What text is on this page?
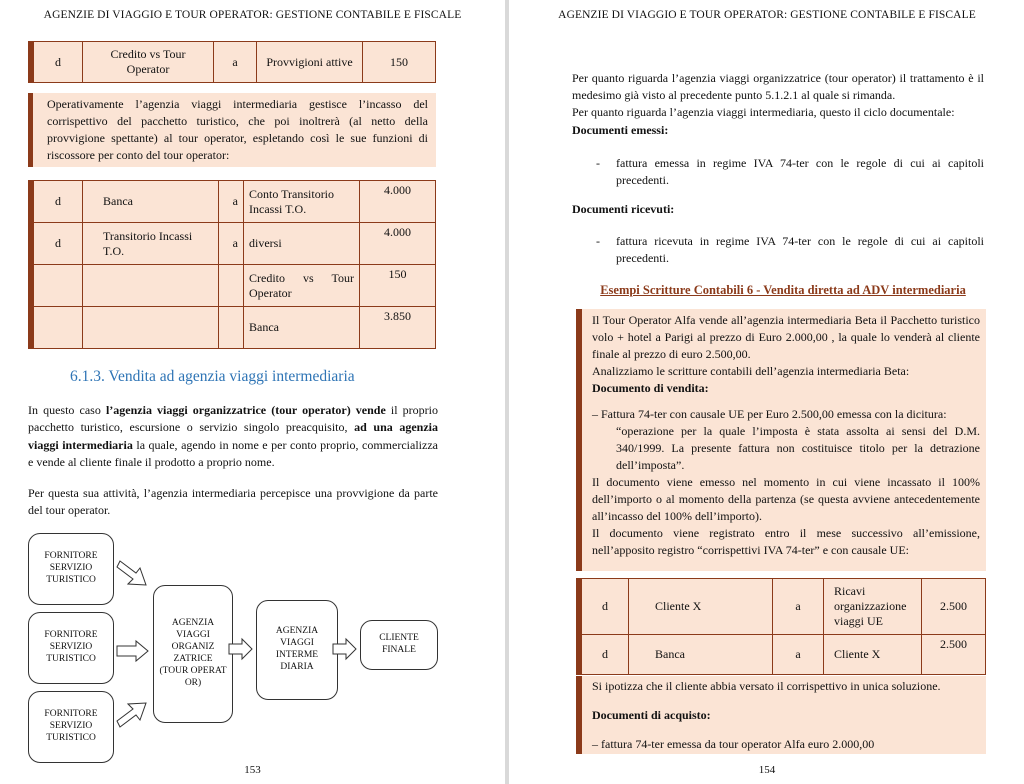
AGENZIE DI VIAGGIO E TOUR OPERATOR: GESTIONE CONTABILE E FISCALE
d	Credito vs Tour Operator	a	Provvigioni attive	150
Operativamente l’agenzia viaggi intermediaria gestisce l’incasso del corrispettivo del pacchetto turistico, che poi inoltrerà (al netto della provvigione spettante) al tour operator, espletando così le sue funzioni di riscossore per conto del tour operator:
d	Banca	a	Conto Transitorio Incassi T.O.	4.000
d	Transitorio Incassi T.O.	a	diversi	4.000
			Credito vs Tour Operator	150
			Banca	3.850
6.1.3. Vendita ad agenzia viaggi intermediaria
In questo caso l’agenzia viaggi organizzatrice (tour operator) vende il proprio pacchetto turistico, escursione o servizio singolo preacquisito, ad una agenzia viaggi intermediaria la quale, agendo in nome e per conto proprio, commercializza e vende al cliente finale il prodotto a proprio nome.
Per questa sua attività, l’agenzia intermediaria percepisce una provvigione da parte del tour operator.
FORNITORE SERVIZIO TURISTICO
FORNITORE SERVIZIO TURISTICO
FORNITORE SERVIZIO TURISTICO
AGENZIA VIAGGI ORGANIZ ZATRICE (TOUR OPERAT OR)
AGENZIA VIAGGI INTERME DIARIA
CLIENTE FINALE
153
AGENZIE DI VIAGGIO E TOUR OPERATOR: GESTIONE CONTABILE E FISCALE
Per quanto riguarda l’agenzia viaggi organizzatrice (tour operator) il trattamento è il medesimo già visto al precedente punto 5.1.2.1 al quale si rimanda.
Per quanto riguarda l’agenzia viaggi intermediaria, questo il ciclo documentale:
Documenti emessi:
- fattura emessa in regime IVA 74-ter con le regole di cui ai capitoli precedenti.
Documenti ricevuti:
- fattura ricevuta in regime IVA 74-ter con le regole di cui ai capitoli precedenti.
Esempi Scritture Contabili 6 - Vendita diretta ad ADV intermediaria
Il Tour Operator Alfa vende all’agenzia intermediaria Beta il Pacchetto turistico volo + hotel a Parigi al prezzo di Euro 2.000,00 , la quale lo venderà al cliente finale al prezzo di euro 2.500,00.
Analizziamo le scritture contabili dell’agenzia intermediaria Beta:
Documento di vendita:
– Fattura 74-ter con causale UE per Euro 2.500,00 emessa con la dicitura:
“operazione per la quale l’imposta è stata assolta ai sensi del D.M. 340/1999. La presente fattura non costituisce titolo per la detrazione dell’imposta”.
Il documento viene emesso nel momento in cui viene incassato il 100% dell’importo o al momento della partenza (se questa avviene antecedentemente all’incasso del 100% dell’importo).
Il documento viene registrato entro il mese successivo all’emissione, nell’apposito registro “corrispettivi IVA 74-ter” e con causale UE:
d	Cliente X	a	Ricavi organizzazione viaggi UE	2.500
d	Banca	a	Cliente X	2.500
Si ipotizza che il cliente abbia versato il corrispettivo in unica soluzione.
Documenti di acquisto:
– fattura 74-ter emessa da tour operator Alfa euro 2.000,00
154
